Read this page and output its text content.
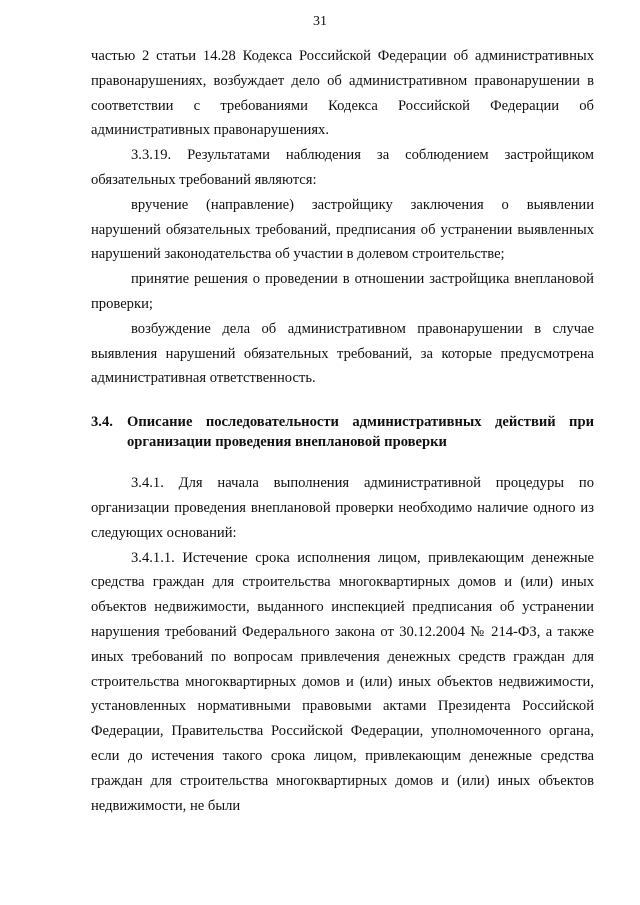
31

частью 2 статьи 14.28 Кодекса Российской Федерации об административных правонарушениях, возбуждает дело об административном правонарушении в соответствии с требованиями Кодекса Российской Федерации об административных правонарушениях.

3.3.19. Результатами наблюдения за соблюдением застройщиком обязательных требований являются:

вручение (направление) застройщику заключения о выявлении нарушений обязательных требований, предписания об устранении выявленных нарушений законодательства об участии в долевом строительстве;

принятие решения о проведении в отношении застройщика внеплановой проверки;

возбуждение дела об административном правонарушении в случае выявления нарушений обязательных требований, за которые предусмотрена административная ответственность.

3.4. Описание последовательности административных действий при организации проведения внеплановой проверки

3.4.1. Для начала выполнения административной процедуры по организации проведения внеплановой проверки необходимо наличие одного из следующих оснований:

3.4.1.1. Истечение срока исполнения лицом, привлекающим денежные средства граждан для строительства многоквартирных домов и (или) иных объектов недвижимости, выданного инспекцией предписания об устранении нарушения требований Федерального закона от 30.12.2004 № 214-ФЗ, а также иных требований по вопросам привлечения денежных средств граждан для строительства многоквартирных домов и (или) иных объектов недвижимости, установленных нормативными правовыми актами Президента Российской Федерации, Правительства Российской Федерации, уполномоченного органа, если до истечения такого срока лицом, привлекающим денежные средства граждан для строительства многоквартирных домов и (или) иных объектов недвижимости, не были
